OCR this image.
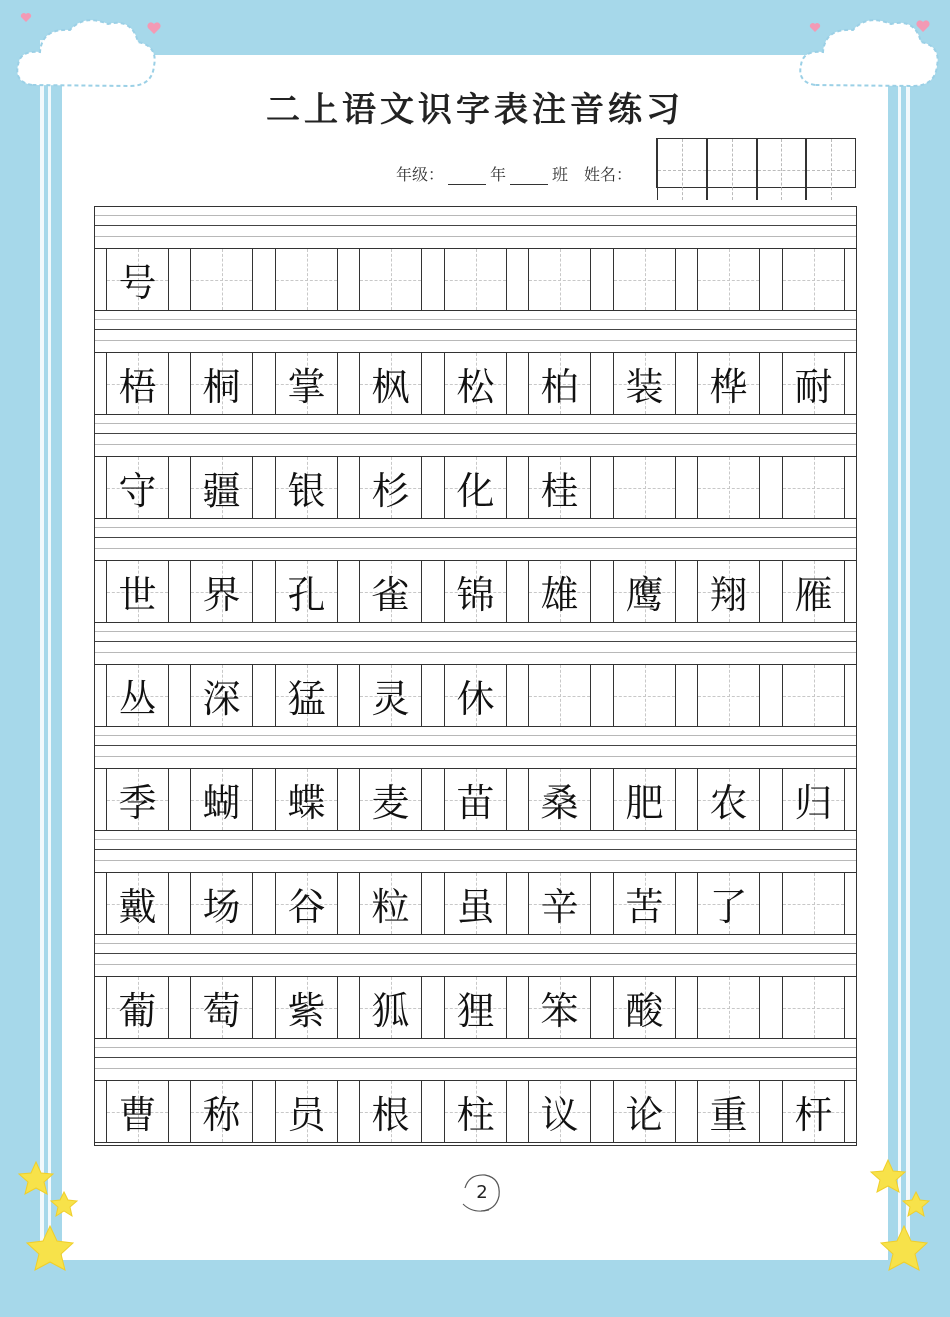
二上语文识字表注音练习
年级：	年	班 姓名：
号
梧 桐 掌 枫 松 柏 装 桦 耐
守 疆 银 杉 化 桂
世 界 孔 雀 锦 雄 鹰 翔 雁
丛 深 猛 灵 休
季 蝴 蝶 麦 苗 桑 肥 农 归
戴 场 谷 粒 虽 辛 苦 了
葡 萄 紫 狐 狸 笨 酸
曹 称 员 根 柱 议 论 重 杆
2
